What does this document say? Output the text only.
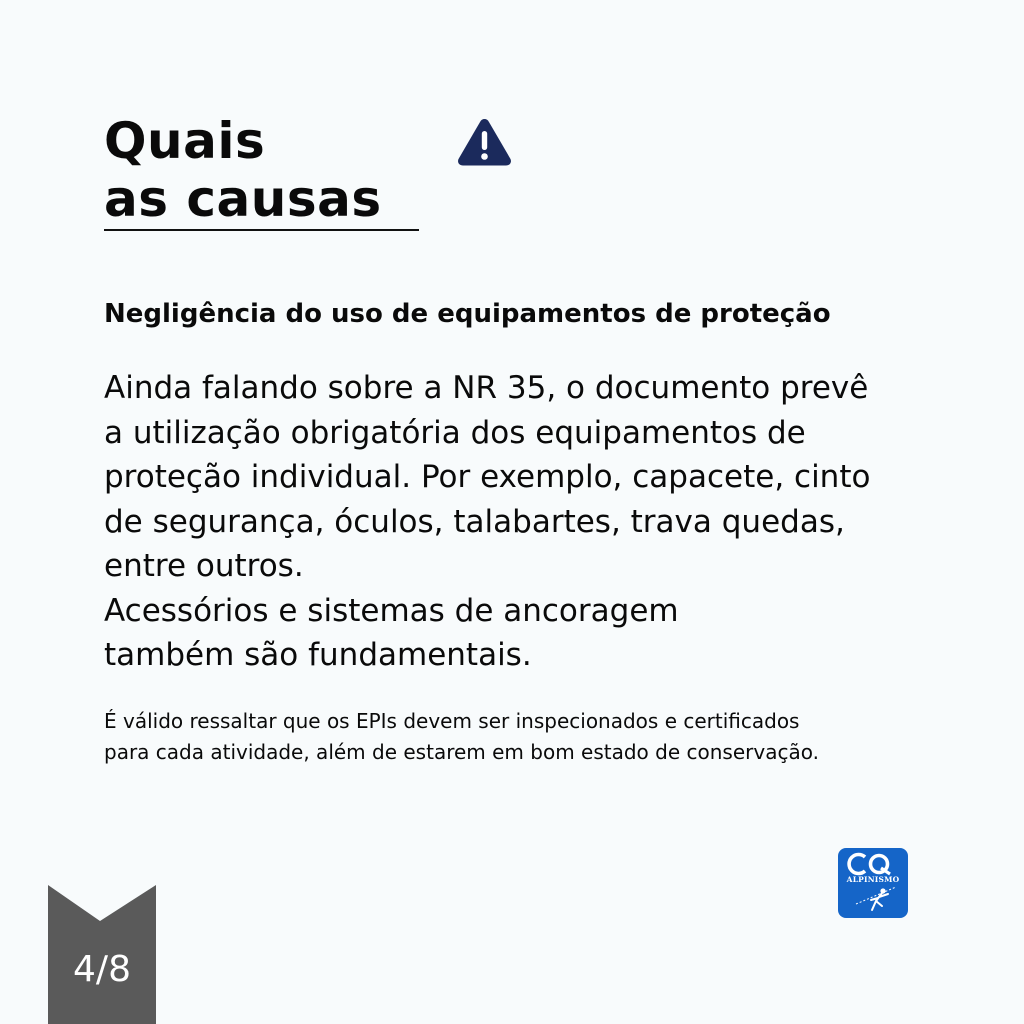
Quais
as causas
Negligência do uso de equipamentos de proteção

Ainda falando sobre a NR 35, o documento prevê

a utilização obrigatória dos equipamentos de

proteção individual. Por exemplo, capacete, cinto

de segurança, óculos, talabartes, trava quedas,

entre outros.

Acessórios e sistemas de ancoragem

também são fundamentais.

É válido ressaltar que os EPIs devem ser inspecionados e certificados

para cada atividade, além de estarem em bom estado de conservação.

ALPINISMO
4/8
